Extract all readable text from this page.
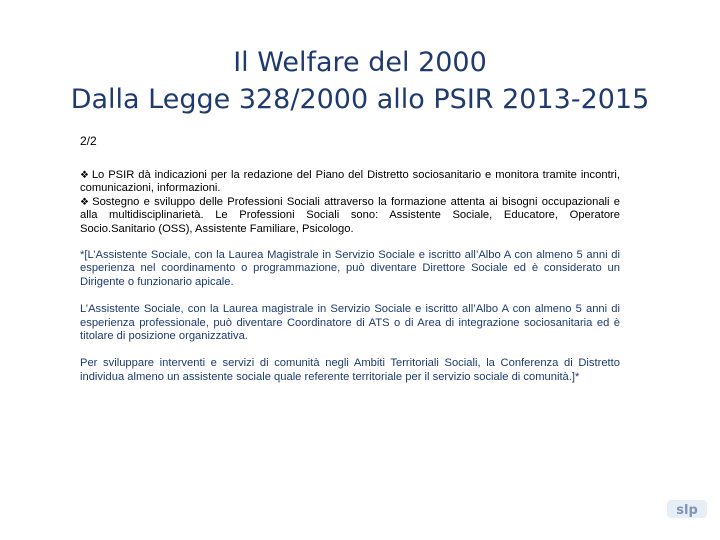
Il Welfare del 2000
Dalla Legge 328/2000 allo PSIR 2013-2015
2/2

❖ Lo PSIR dà indicazioni per la redazione del Piano del Distretto sociosanitario e monitora tramite incontri, comunicazioni, informazioni.

❖ Sostegno e sviluppo delle Professioni Sociali attraverso la formazione attenta ai bisogni occupazionali e alla multidisciplinarietà. Le Professioni Sociali sono: Assistente Sociale, Educatore, Operatore Socio.Sanitario (OSS), Assistente Familiare, Psicologo.

*[L’Assistente Sociale, con la Laurea Magistrale in Servizio Sociale e iscritto all’Albo A con almeno 5 anni di esperienza nel coordinamento o programmazione, può diventare Direttore Sociale ed è considerato un Dirigente o funzionario apicale.

L’Assistente Sociale, con la Laurea magistrale in Servizio Sociale e iscritto all’Albo A con almeno 5 anni di esperienza professionale, può diventare Coordinatore di ATS o di Area di integrazione sociosanitaria ed è titolare di posizione organizzativa.

Per sviluppare interventi e servizi di comunità negli Ambiti Territoriali Sociali, la Conferenza di Distretto individua almeno un assistente sociale quale referente territoriale per il servizio sociale di comunità.]*

slp
